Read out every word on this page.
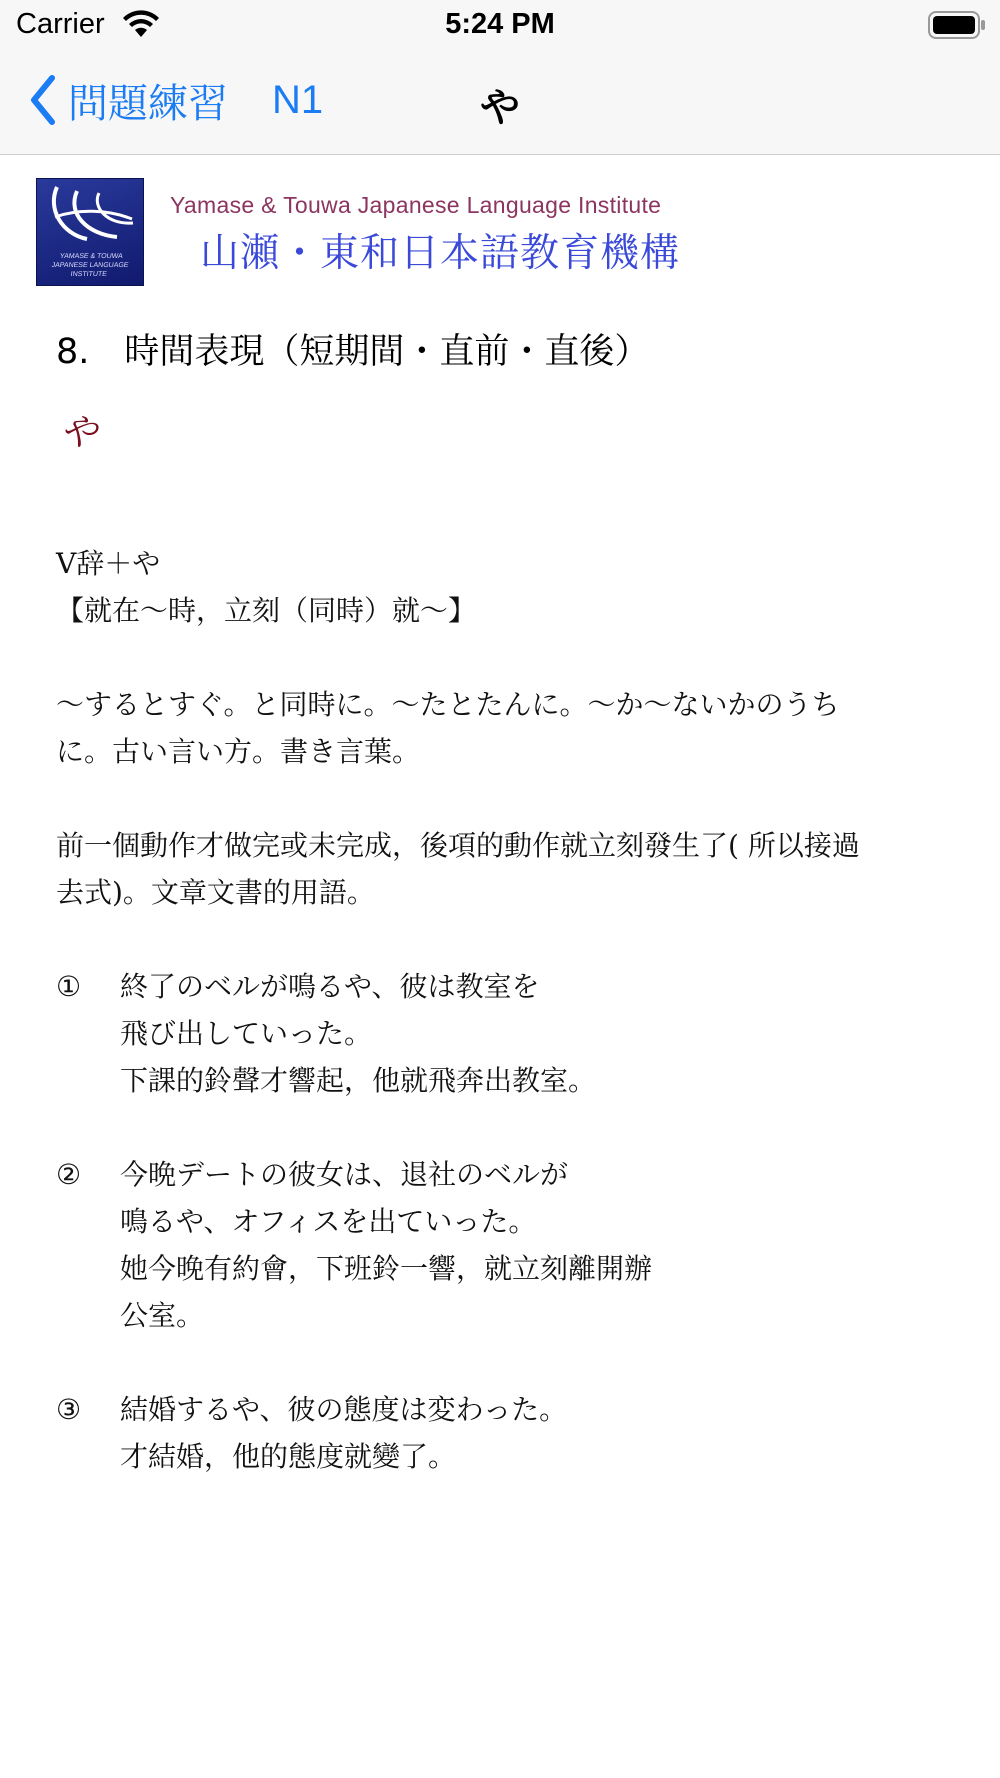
Carrier	5:24 PM
問題練習 N1	や
YAMASE & TOUWA
JAPANESE LANGUAGE INSTITUTE
Yamase & Touwa Japanese Language Institute
山瀬・東和日本語教育機構
8.　時間表現（短期間・直前・直後）
や

V辞＋や

【就在〜時，立刻（同時）就〜】

〜するとすぐ。と同時に。〜たとたんに。〜か〜ないかのうち

に。古い言い方。書き言葉。

前一個動作才做完或未完成，後項的動作就立刻發生了( 所以接過

去式)。文章文書的用語。

①	終了のベルが鳴るや、彼は教室を

飛び出していった。

下課的鈴聲才響起，他就飛奔出教室。

②	今晩デートの彼女は、退社のベルが

鳴るや、オフィスを出ていった。

她今晚有約會，下班鈴一響，就立刻離開辦

公室。

③	結婚するや、彼の態度は変わった。

才結婚，他的態度就變了。
